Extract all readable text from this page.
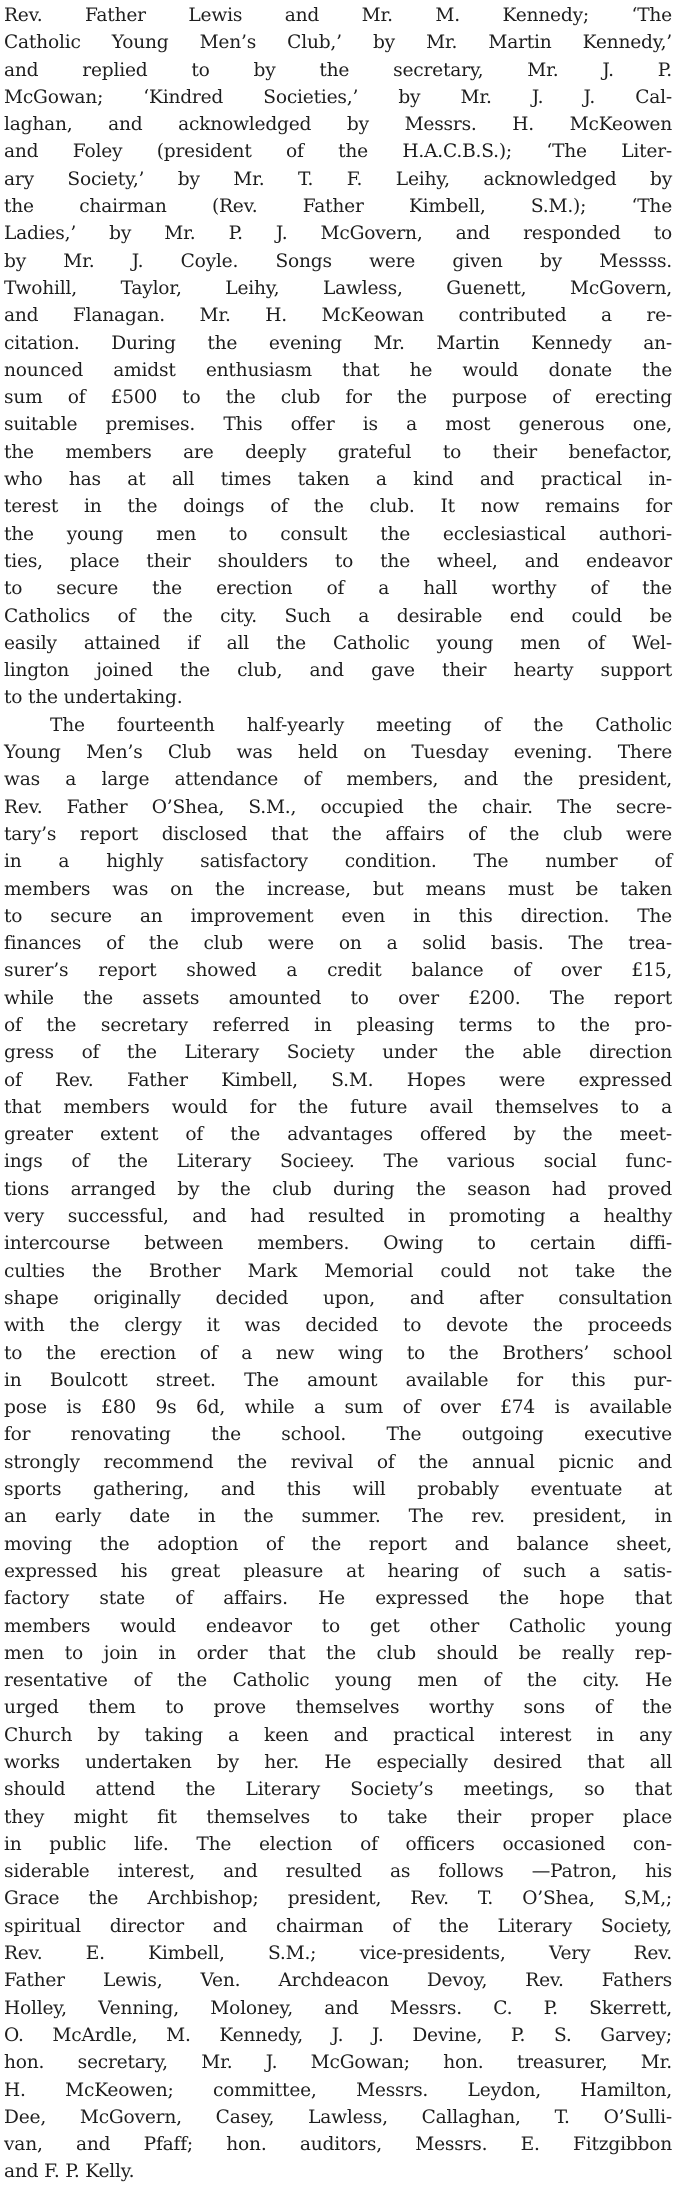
Rev. Father Lewis and Mr. M. Kennedy; ‘The
Catholic Young Men’s Club,’ by Mr. Martin Kennedy,’
and replied to by the secretary, Mr. J. P.
McGowan; ‘Kindred Societies,’ by Mr. J. J. Cal-
laghan, and acknowledged by Messrs. H. McKeowen
and Foley (president of the H.A.C.B.S.); ‘The Liter-
ary Society,’ by Mr. T. F. Leihy, acknowledged by
the chairman (Rev. Father Kimbell, S.M.); ‘The
Ladies,’ by Mr. P. J. McGovern, and responded to
by Mr. J. Coyle. Songs were given by Messss.
Twohill, Taylor, Leihy, Lawless, Guenett, McGovern,
and Flanagan. Mr. H. McKeowan contributed a re-
citation. During the evening Mr. Martin Kennedy an-
nounced amidst enthusiasm that he would donate the
sum of £500 to the club for the purpose of erecting
suitable premises. This offer is a most generous one,
the members are deeply grateful to their benefactor,
who has at all times taken a kind and practical in-
terest in the doings of the club. It now remains for
the young men to consult the ecclesiastical authori-
ties, place their shoulders to the wheel, and endeavor
to secure the erection of a hall worthy of the
Catholics of the city. Such a desirable end could be
easily attained if all the Catholic young men of Wel-
lington joined the club, and gave their hearty support
to the undertaking.
The fourteenth half-yearly meeting of the Catholic
Young Men’s Club was held on Tuesday evening. There
was a large attendance of members, and the president,
Rev. Father O’Shea, S.M., occupied the chair. The secre-
tary’s report disclosed that the affairs of the club were
in a highly satisfactory condition. The number of
members was on the increase, but means must be taken
to secure an improvement even in this direction. The
finances of the club were on a solid basis. The trea-
surer’s report showed a credit balance of over £15,
while the assets amounted to over £200. The report
of the secretary referred in pleasing terms to the pro-
gress of the Literary Society under the able direction
of Rev. Father Kimbell, S.M. Hopes were expressed
that members would for the future avail themselves to a
greater extent of the advantages offered by the meet-
ings of the Literary Socieey. The various social func-
tions arranged by the club during the season had proved
very successful, and had resulted in promoting a healthy
intercourse between members. Owing to certain diffi-
culties the Brother Mark Memorial could not take the
shape originally decided upon, and after consultation
with the clergy it was decided to devote the proceeds
to the erection of a new wing to the Brothers’ school
in Boulcott street. The amount available for this pur-
pose is £80 9s 6d, while a sum of over £74 is available
for renovating the school. The outgoing executive
strongly recommend the revival of the annual picnic and
sports gathering, and this will probably eventuate at
an early date in the summer. The rev. president, in
moving the adoption of the report and balance sheet,
expressed his great pleasure at hearing of such a satis-
factory state of affairs. He expressed the hope that
members would endeavor to get other Catholic young
men to join in order that the club should be really rep-
resentative of the Catholic young men of the city. He
urged them to prove themselves worthy sons of the
Church by taking a keen and practical interest in any
works undertaken by her. He especially desired that all
should attend the Literary Society’s meetings, so that
they might fit themselves to take their proper place
in public life. The election of officers occasioned con-
siderable interest, and resulted as follows —Patron, his
Grace the Archbishop; president, Rev. T. O’Shea, S,M,;
spiritual director and chairman of the Literary Society,
Rev. E. Kimbell, S.M.; vice-presidents, Very Rev.
Father Lewis, Ven. Archdeacon Devoy, Rev. Fathers
Holley, Venning, Moloney, and Messrs. C. P. Skerrett,
O. McArdle, M. Kennedy, J. J. Devine, P. S. Garvey;
hon. secretary, Mr. J. McGowan; hon. treasurer, Mr.
H. McKeowen; committee, Messrs. Leydon, Hamilton,
Dee, McGovern, Casey, Lawless, Callaghan, T. O’Sulli-
van, and Pfaff; hon. auditors, Messrs. E. Fitzgibbon
and F. P. Kelly.
